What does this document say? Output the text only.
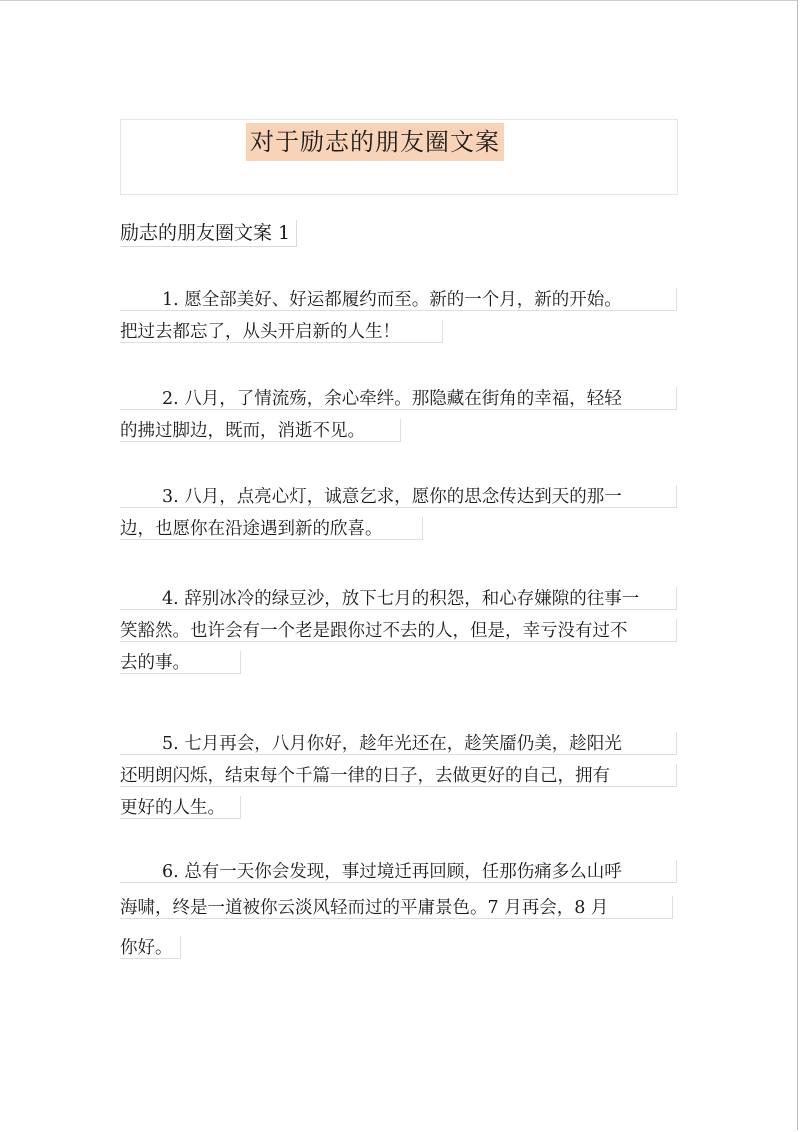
对于励志的朋友圈文案
励志的朋友圈文案 1
1. 愿全部美好、好运都履约而至。新的一个月，新的开始。
把过去都忘了，从头开启新的人生！
2. 八月，了情流殇，余心牵绊。那隐藏在街角的幸福，轻轻
的拂过脚边，既而，消逝不见。
3. 八月，点亮心灯，诚意乞求，愿你的思念传达到天的那一
边，也愿你在沿途遇到新的欣喜。
4. 辞别冰冷的绿豆沙，放下七月的积怨，和心存嫌隙的往事一
笑豁然。也许会有一个老是跟你过不去的人，但是，幸亏没有过不
去的事。
5. 七月再会，八月你好，趁年光还在，趁笑靥仍美，趁阳光
还明朗闪烁，结束每个千篇一律的日子，去做更好的自己，拥有
更好的人生。
6. 总有一天你会发现，事过境迁再回顾，任那伤痛多么山呼
海啸，终是一道被你云淡风轻而过的平庸景色。7 月再会，8 月
你好。
